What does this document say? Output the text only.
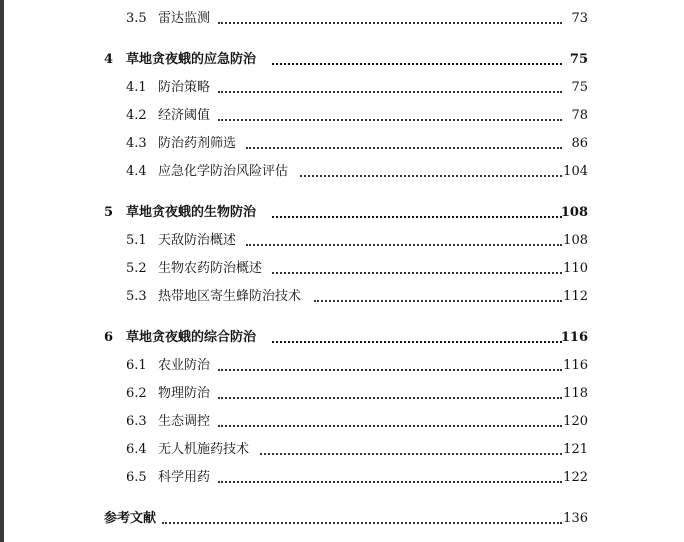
3.5 雷达监测	73
4 草地贪夜蛾的应急防治	75
4.1 防治策略	75
4.2 经济阈值	78
4.3 防治药剂筛选	86
4.4 应急化学防治风险评估	104
5 草地贪夜蛾的生物防治	108
5.1 天敌防治概述	108
5.2 生物农药防治概述	110
5.3 热带地区寄生蜂防治技术	112
6 草地贪夜蛾的综合防治	116
6.1 农业防治	116
6.2 物理防治	118
6.3 生态调控	120
6.4 无人机施药技术	121
6.5 科学用药	122
参考文献	136
